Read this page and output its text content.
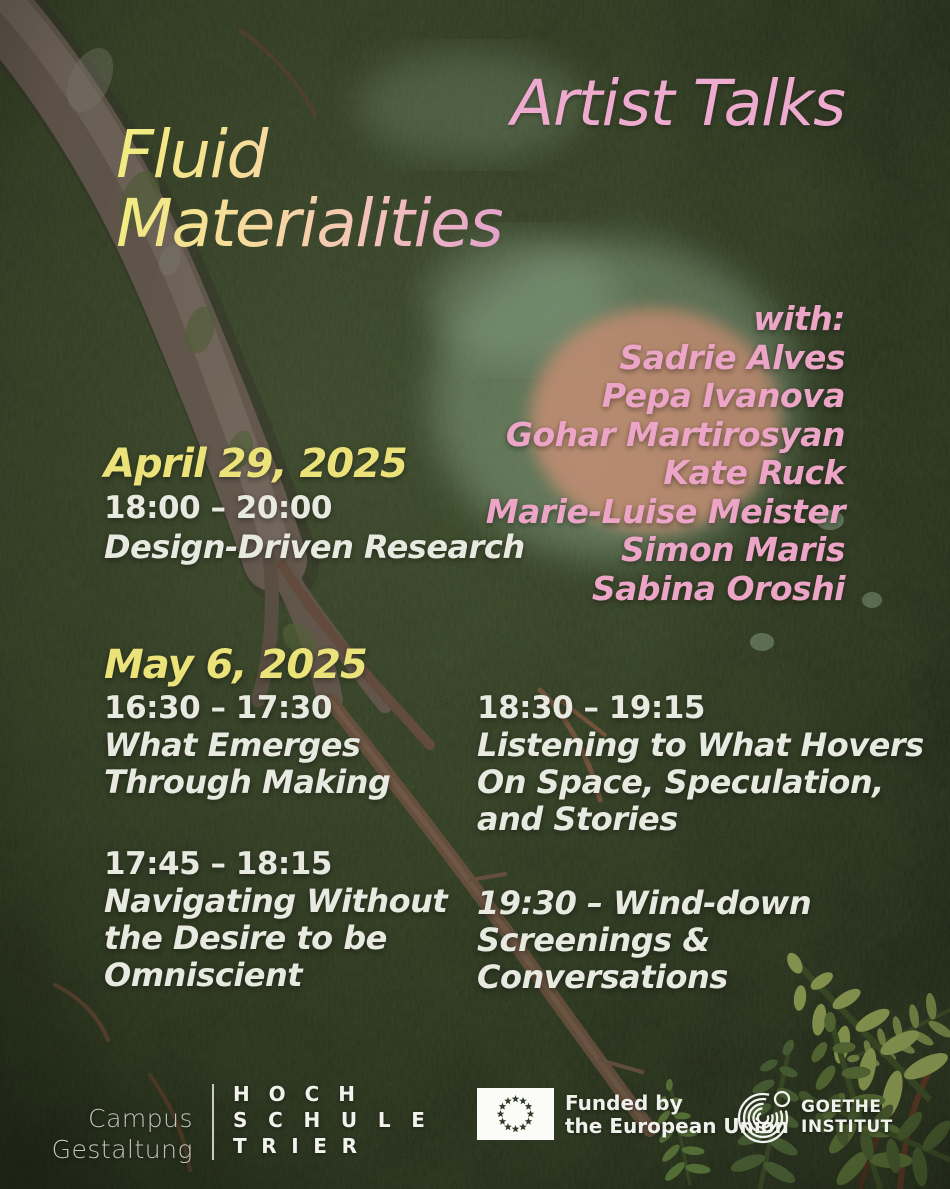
Artist Talks
Fluid
Materialities
with:
Sadrie Alves
Pepa Ivanova
Gohar Martirosyan
Kate Ruck
Marie-Luise Meister
Simon Maris
Sabina Oroshi
April 29, 2025
18:00 – 20:00
Design-Driven Research
May 6, 2025
16:30 – 17:30
What Emerges
Through Making
17:45 – 18:15
Navigating Without
the Desire to be
Omniscient
18:30 – 19:15
Listening to What Hovers
On Space, Speculation,
and Stories
19:30 – Wind-down
Screenings &
Conversations
Campus
Gestaltung
H O C H
S C H U L E
T R I E R
Funded by
the European Union
GOETHE
INSTITUT
